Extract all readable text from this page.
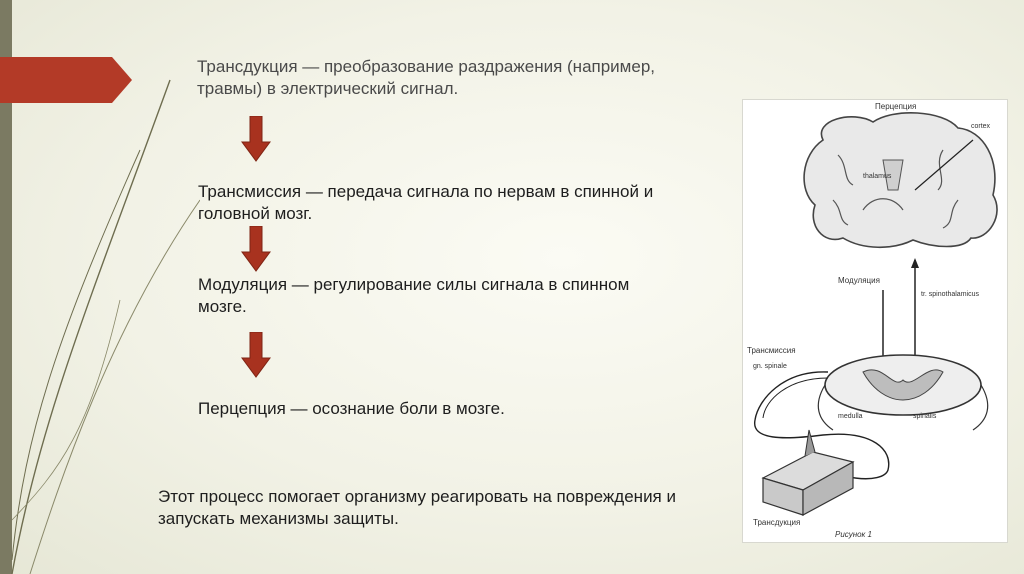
Трансдукция — преобразование раздражения (например, травмы) в электрический сигнал.
Трансмиссия — передача сигнала по нервам в спинной и головной мозг.
Модуляция — регулирование силы сигнала в спинном мозге.
Перцепция — осознание боли в мозге.
Этот процесс помогает организму реагировать на повреждения и запускать механизмы защиты.
Перцепция
cortex
thalamus
Модуляция
tr. spinothalamicus
Трансмиссия
gn. spinale
medulla	spinalis
Трансдукция
Рисунок 1
